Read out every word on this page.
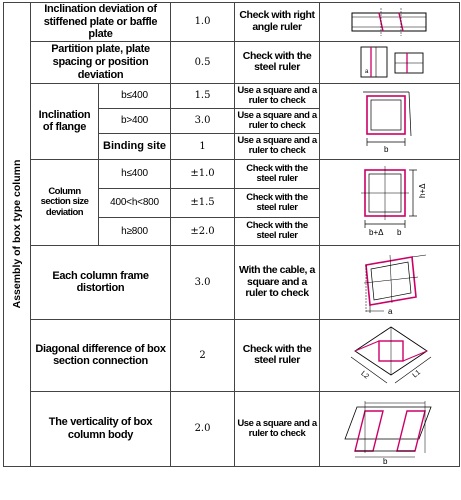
Assembly of box type column	Inclination deviation of stiffened plate or baffle plate		1.0	Check with right angle ruler	

	Partition plate, plate spacing or position deviation		0.5	Check with the steel ruler	a

	Inclination of flange	b≤400	1.5	Use a square and a ruler to check	b

		b>400	3.0	Use a square and a ruler to check	
		Binding site	1	Use a square and a ruler to check	
	Column section size deviation	h≤400	±1.0	Check with the steel ruler	h+Δ
b+Δ b

		400<h<800	±1.5	Check with the steel ruler	
		h≥800	±2.0	Check with the steel ruler	
	Each column frame distortion		3.0	With the cable, a square and a ruler to check	a

	Diagonal difference of box section connection		2	Check with the steel ruler	L2 L1

	The verticality of box column body		2.0	Use a square and a ruler to check	b
